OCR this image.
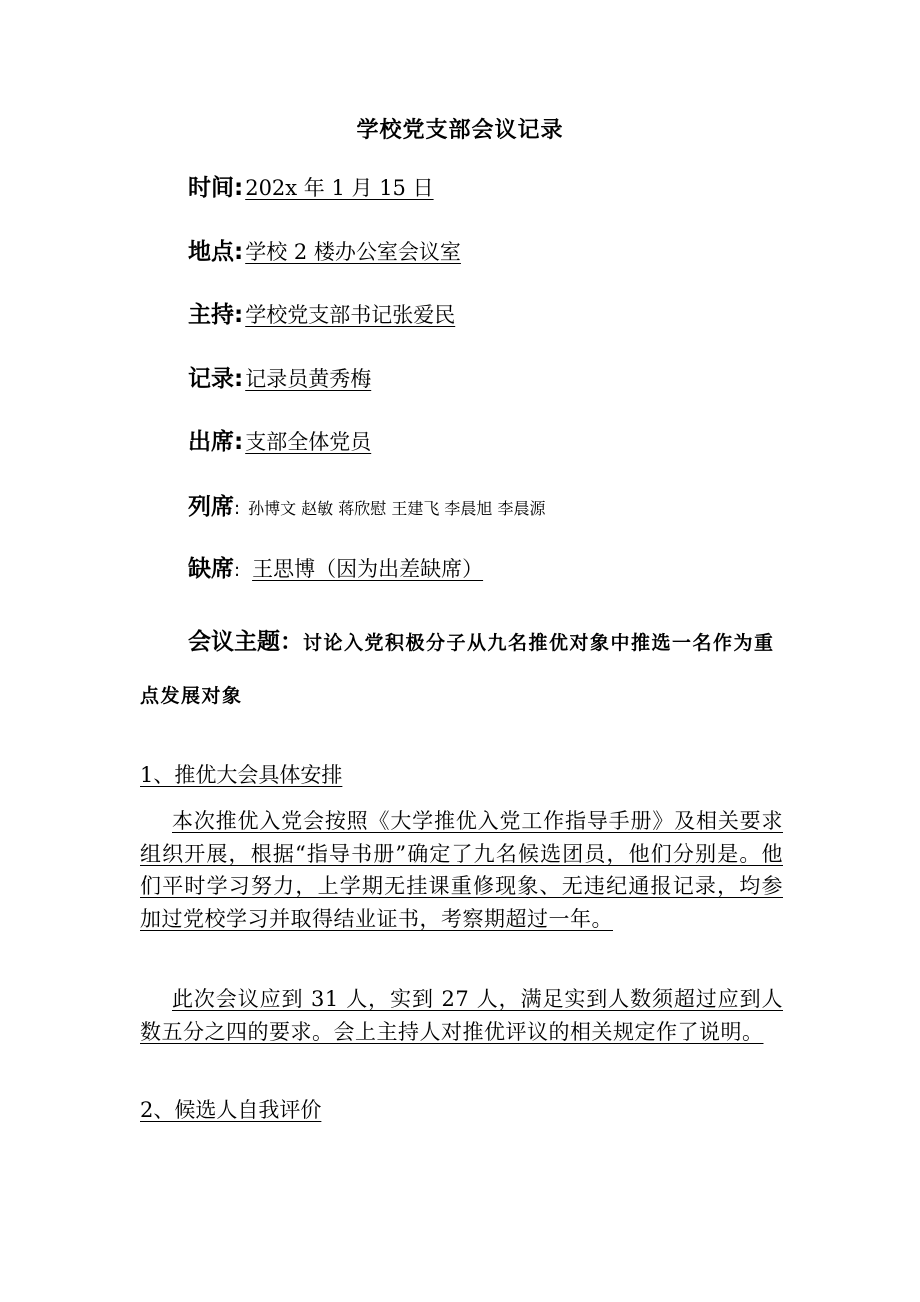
学校党支部会议记录
时间:202x 年 1 月 15 日
地点:学校 2 楼办公室会议室
主持:学校党支部书记张爱民
记录:记录员黄秀梅
出席:支部全体党员
列席: 孙博文 赵敏 蒋欣慰 王建飞 李晨旭 李晨源
缺席: 王思博（因为出差缺席）
会议主题：讨论入党积极分子从九名推优对象中推选一名作为重点发展对象
1、推优大会具体安排
本次推优入党会按照《大学推优入党工作指导手册》及相关要求组织开展，根据“指导书册”确定了九名候选团员，他们分别是。他们平时学习努力，上学期无挂课重修现象、无违纪通报记录，均参加过党校学习并取得结业证书，考察期超过一年。
此次会议应到 31 人，实到 27 人，满足实到人数须超过应到人数五分之四的要求。会上主持人对推优评议的相关规定作了说明。
2、候选人自我评价
